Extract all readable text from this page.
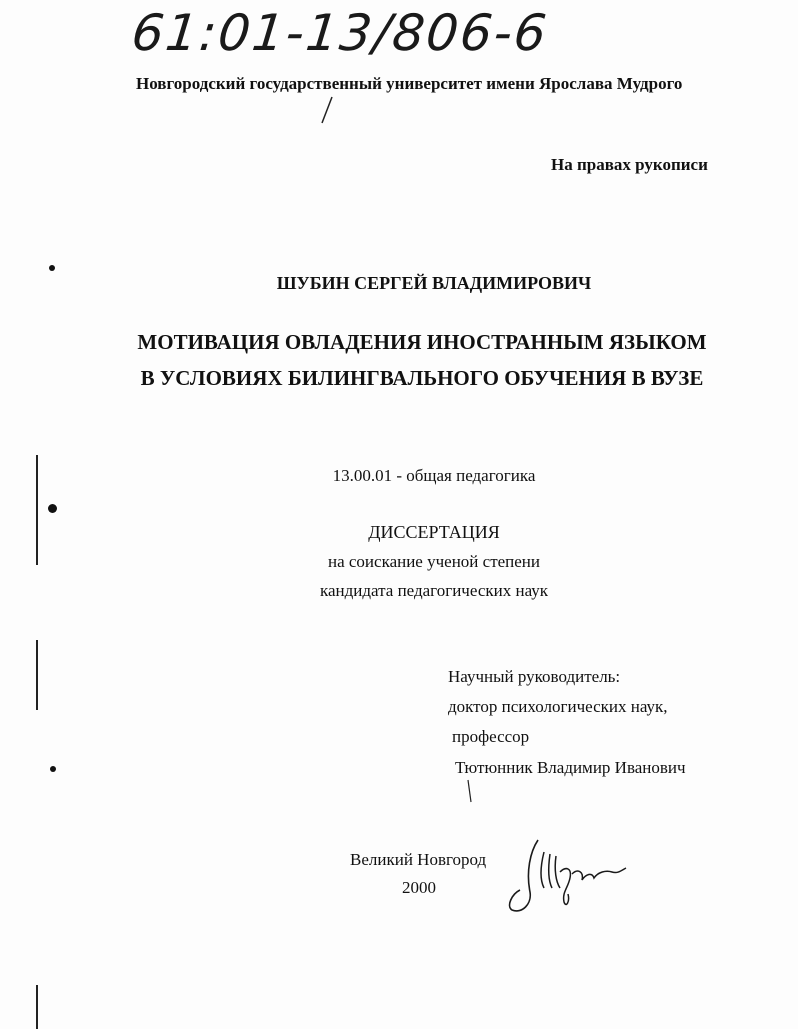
61:01-13/806-6
Новгородский государственный университет имени Ярослава Мудрого
На правах рукописи
ШУБИН СЕРГЕЙ ВЛАДИМИРОВИЧ
МОТИВАЦИЯ ОВЛАДЕНИЯ ИНОСТРАННЫМ ЯЗЫКОМ
В УСЛОВИЯХ БИЛИНГВАЛЬНОГО ОБУЧЕНИЯ В ВУЗЕ
13.00.01 - общая педагогика
ДИССЕРТАЦИЯ
на соискание ученой степени
кандидата педагогических наук
Научный руководитель:
доктор психологических наук,
профессор
Тютюнник Владимир Иванович
Великий Новгород
2000
